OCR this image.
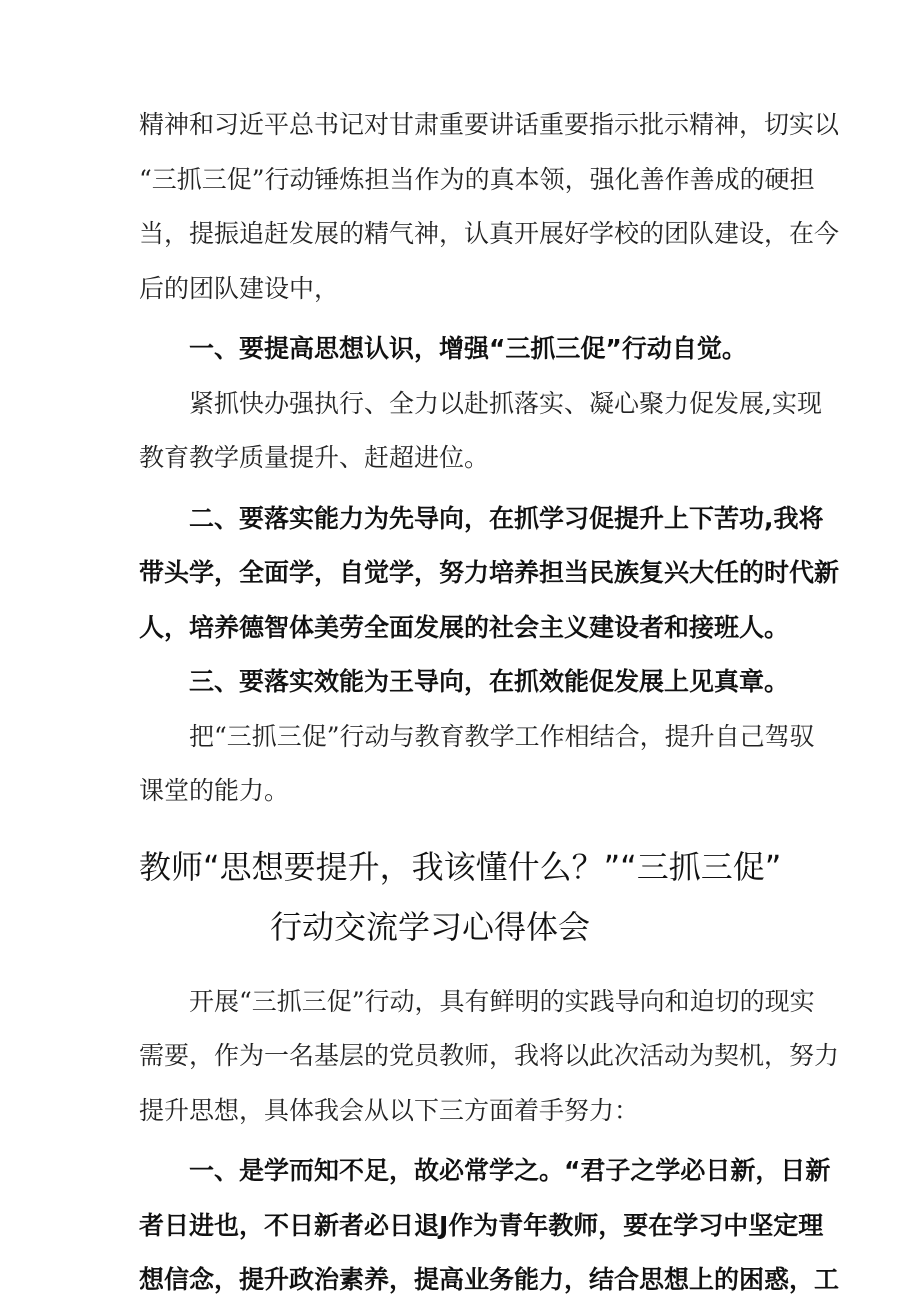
精神和习近平总书记对甘肃重要讲话重要指示批示精神，切实以
“三抓三促”行动锤炼担当作为的真本领，强化善作善成的硬担
当，提振追赶发展的精气神，认真开展好学校的团队建设，在今
后的团队建设中，
一、要提高思想认识，增强“三抓三促”行动自觉。
紧抓快办强执行、全力以赴抓落实、凝心聚力促发展,实现
教育教学质量提升、赶超进位。
二、要落实能力为先导向，在抓学习促提升上下苦功,我将
带头学，全面学，自觉学，努力培养担当民族复兴大任的时代新
人，培养德智体美劳全面发展的社会主义建设者和接班人。
三、要落实效能为王导向，在抓效能促发展上见真章。
把“三抓三促”行动与教育教学工作相结合，提升自己驾驭
课堂的能力。
教师“思想要提升，我该懂什么？”“三抓三促”
行动交流学习心得体会
开展“三抓三促”行动，具有鲜明的实践导向和迫切的现实
需要，作为一名基层的党员教师，我将以此次活动为契机，努力
提升思想，具体我会从以下三方面着手努力：
一、是学而知不足，故必常学之。“君子之学必日新，日新
者日进也，不日新者必日退J作为青年教师，要在学习中坚定理
想信念，提升政治素养，提高业务能力，结合思想上的困惑，工
